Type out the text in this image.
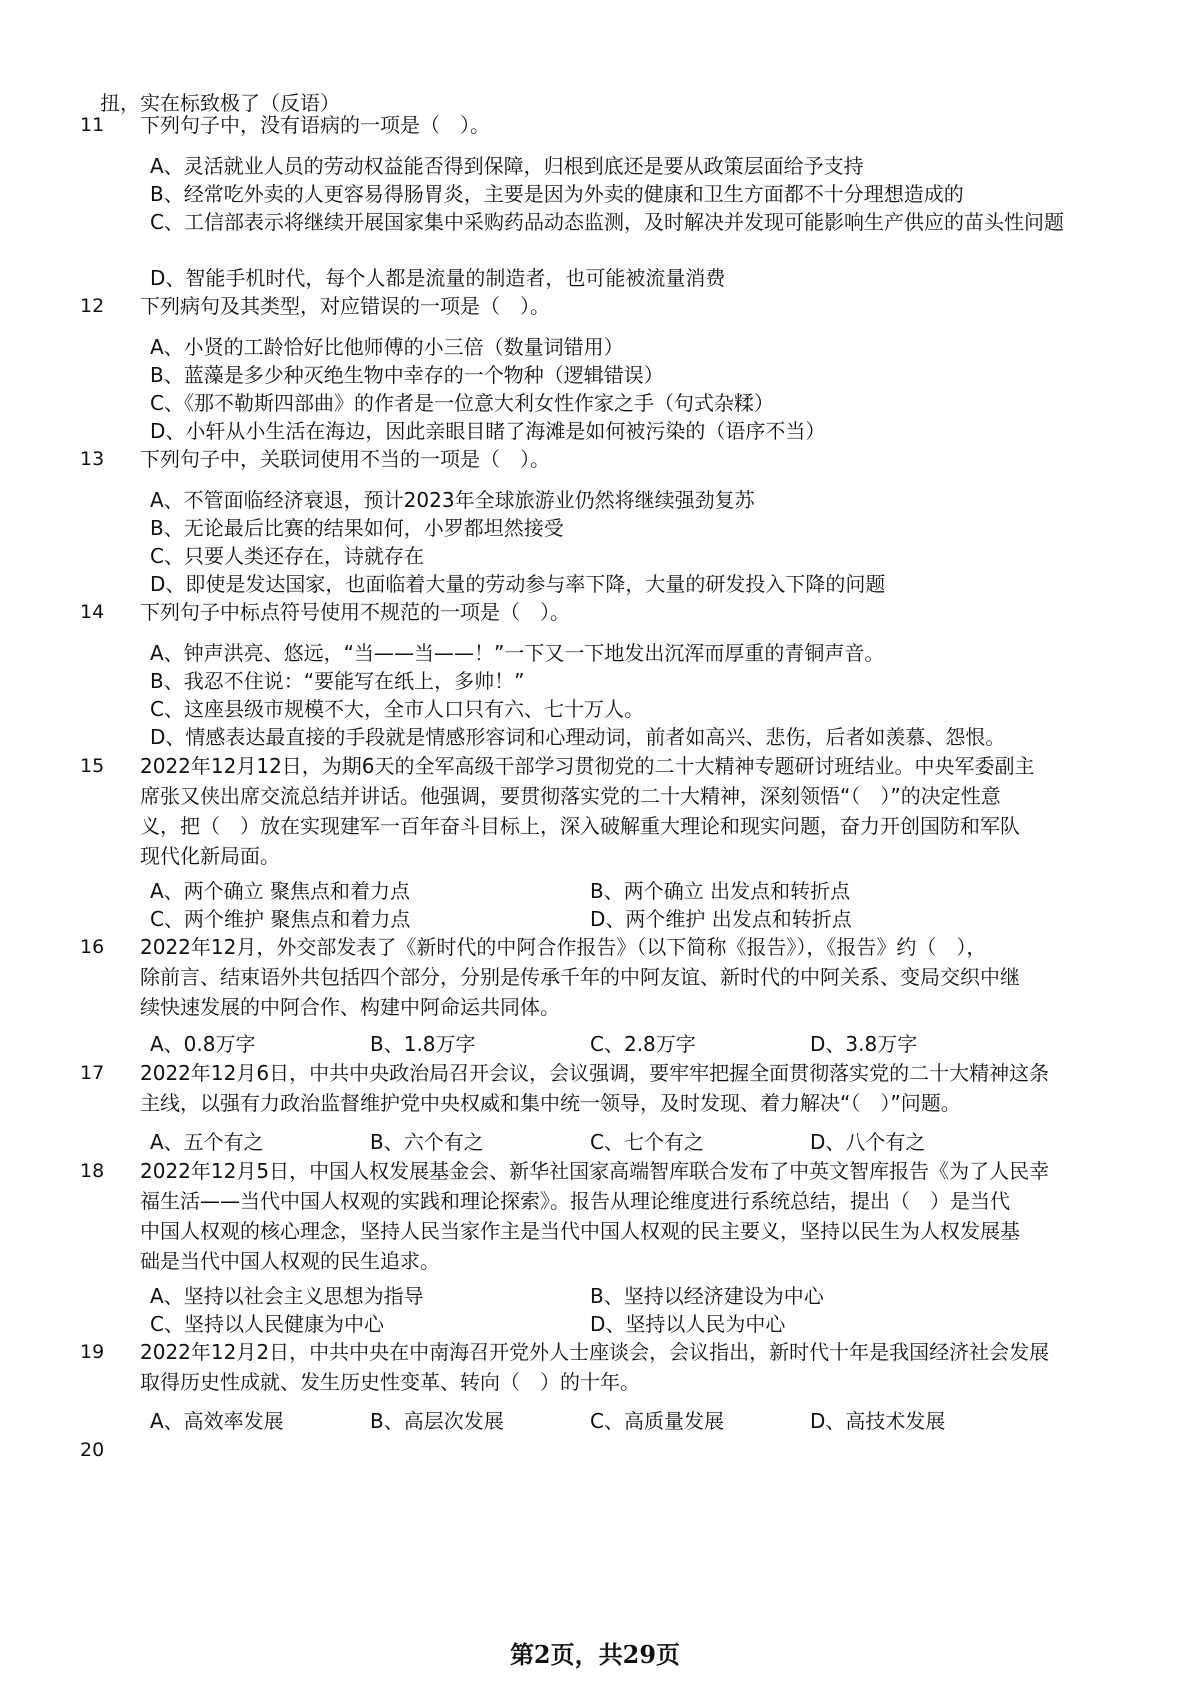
扭，实在标致极了（反语）
11 下列句子中，没有语病的一项是（　）。
A、灵活就业人员的劳动权益能否得到保障，归根到底还是要从政策层面给予支持
B、经常吃外卖的人更容易得肠胃炎，主要是因为外卖的健康和卫生方面都不十分理想造成的
C、工信部表示将继续开展国家集中采购药品动态监测，及时解决并发现可能影响生产供应的苗头性问题
D、智能手机时代，每个人都是流量的制造者，也可能被流量消费
12 下列病句及其类型，对应错误的一项是（　）。
A、小贤的工龄恰好比他师傅的小三倍（数量词错用）
B、蓝藻是多少种灭绝生物中幸存的一个物种（逻辑错误）
C、《那不勒斯四部曲》的作者是一位意大利女性作家之手（句式杂糅）
D、小轩从小生活在海边，因此亲眼目睹了海滩是如何被污染的（语序不当）
13 下列句子中，关联词使用不当的一项是（　）。
A、不管面临经济衰退，预计2023年全球旅游业仍然将继续强劲复苏
B、无论最后比赛的结果如何，小罗都坦然接受
C、只要人类还存在，诗就存在
D、即使是发达国家，也面临着大量的劳动参与率下降，大量的研发投入下降的问题
14 下列句子中标点符号使用不规范的一项是（　）。
A、钟声洪亮、悠远，“当——当——！”一下又一下地发出沉浑而厚重的青铜声音。
B、我忍不住说：“要能写在纸上，多帅！”
C、这座县级市规模不大，全市人口只有六、七十万人。
D、情感表达最直接的手段就是情感形容词和心理动词，前者如高兴、悲伤，后者如羡慕、怨恨。
15 2022年12月12日，为期6天的全军高级干部学习贯彻党的二十大精神专题研讨班结业。中央军委副主
席张又侠出席交流总结并讲话。他强调，要贯彻落实党的二十大精神，深刻领悟“（　）”的决定性意
义，把（　）放在实现建军一百年奋斗目标上，深入破解重大理论和现实问题，奋力开创国防和军队
现代化新局面。
A、两个确立 聚焦点和着力点	B、两个确立 出发点和转折点
C、两个维护 聚焦点和着力点	D、两个维护 出发点和转折点
16 2022年12月，外交部发表了《新时代的中阿合作报告》（以下简称《报告》），《报告》约（　），
除前言、结束语外共包括四个部分，分别是传承千年的中阿友谊、新时代的中阿关系、变局交织中继
续快速发展的中阿合作、构建中阿命运共同体。
A、0.8万字	B、1.8万字	C、2.8万字	D、3.8万字
17 2022年12月6日，中共中央政治局召开会议，会议强调，要牢牢把握全面贯彻落实党的二十大精神这条
主线，以强有力政治监督维护党中央权威和集中统一领导，及时发现、着力解决“（　）”问题。
A、五个有之	B、六个有之	C、七个有之	D、八个有之
18 2022年12月5日，中国人权发展基金会、新华社国家高端智库联合发布了中英文智库报告《为了人民幸
福生活——当代中国人权观的实践和理论探索》。报告从理论维度进行系统总结，提出（　）是当代
中国人权观的核心理念，坚持人民当家作主是当代中国人权观的民主要义，坚持以民生为人权发展基
础是当代中国人权观的民生追求。
A、坚持以社会主义思想为指导	B、坚持以经济建设为中心
C、坚持以人民健康为中心	D、坚持以人民为中心
19 2022年12月2日，中共中央在中南海召开党外人士座谈会，会议指出，新时代十年是我国经济社会发展
取得历史性成就、发生历史性变革、转向（　）的十年。
A、高效率发展	B、高层次发展	C、高质量发展	D、高技术发展
20
第2页，共29页
